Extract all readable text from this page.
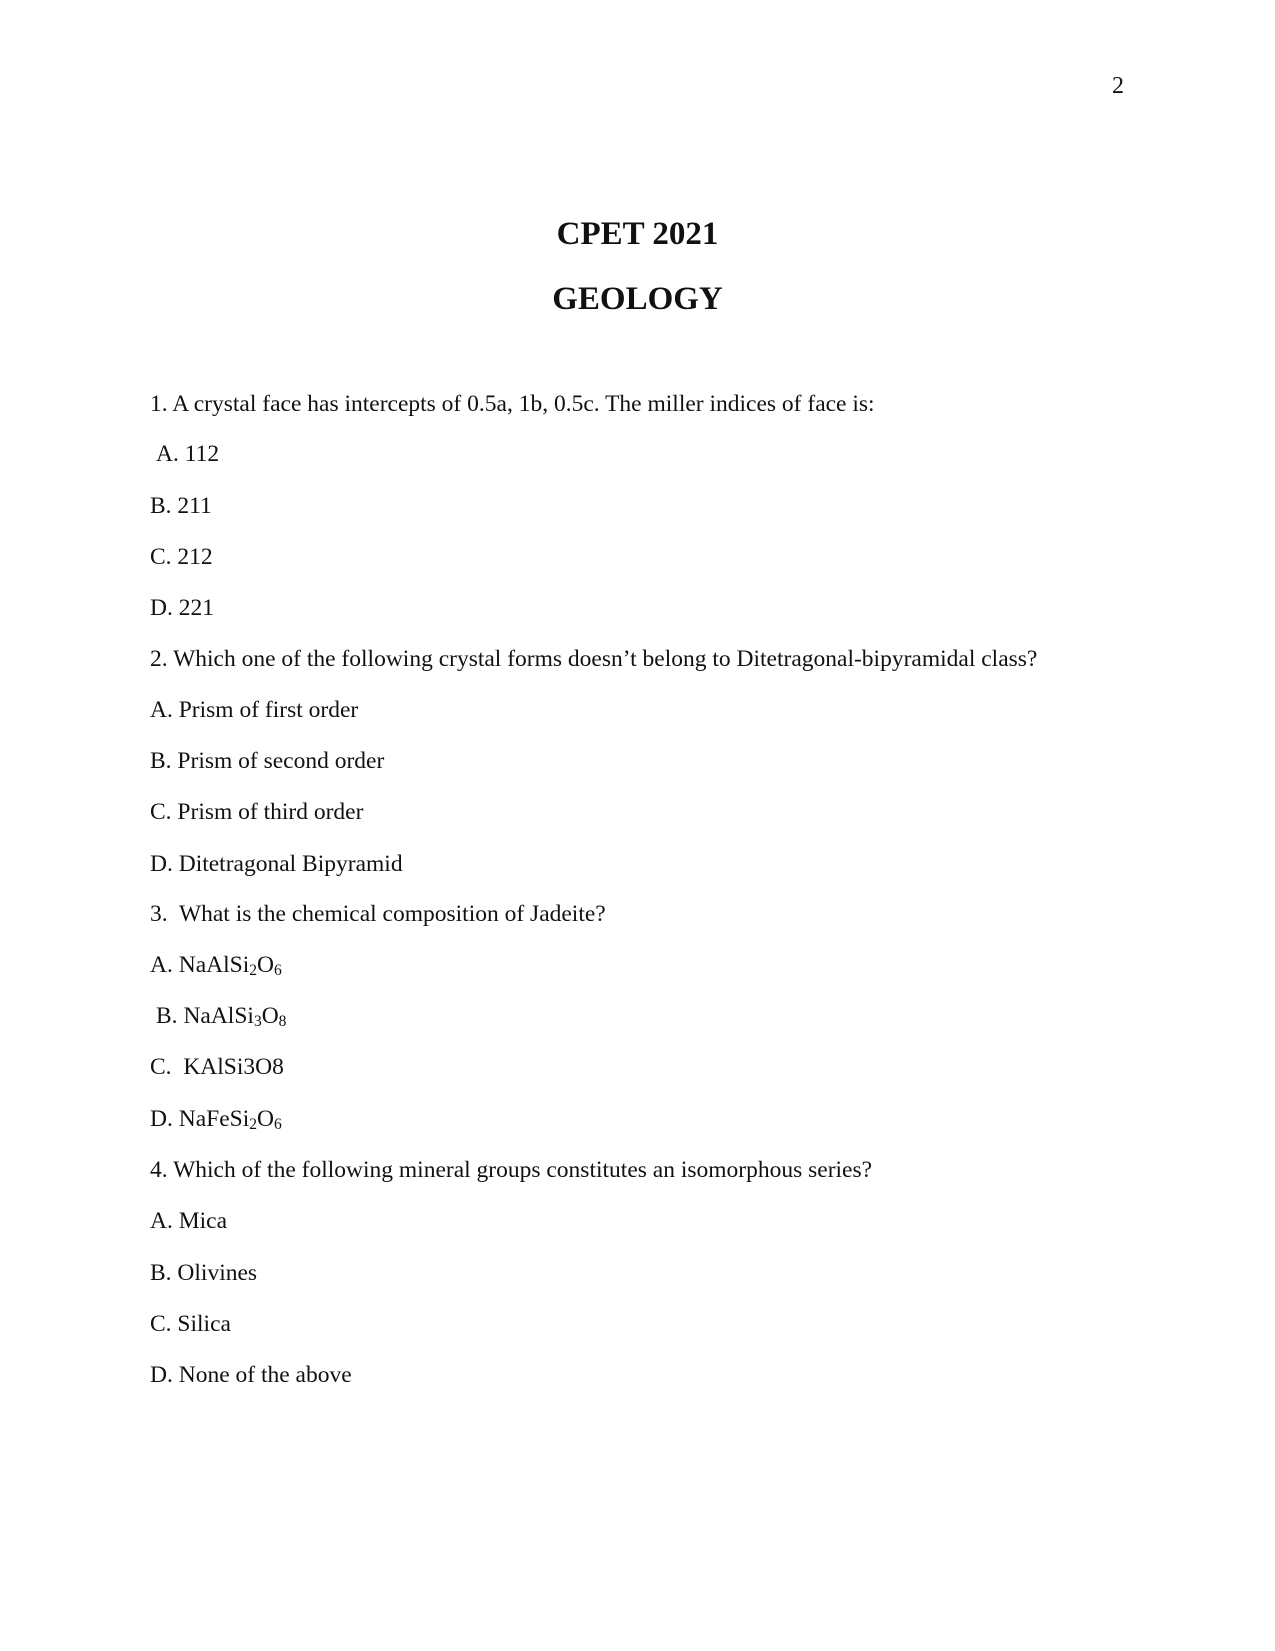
2
CPET 2021
GEOLOGY
1. A crystal face has intercepts of 0.5a, 1b, 0.5c. The miller indices of face is:
A. 112
B. 211
C. 212
D. 221
2. Which one of the following crystal forms doesn’t belong to Ditetragonal-bipyramidal class?
A. Prism of first order
B. Prism of second order
C. Prism of third order
D. Ditetragonal Bipyramid
3.  What is the chemical composition of Jadeite?
A. $NaAlSi_2O_6$
B. $NaAlSi_3O_8$
C.  KAlSi3O8
D. $NaFeSi_2O_6$
4. Which of the following mineral groups constitutes an isomorphous series?
A. Mica
B. Olivines
C. Silica
D. None of the above
